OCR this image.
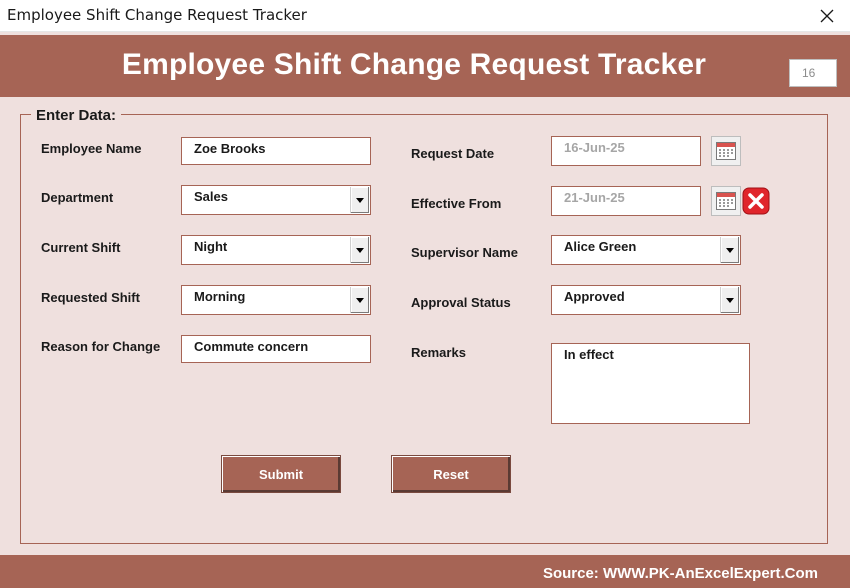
Employee Shift Change Request Tracker
Employee Shift Change Request Tracker	16
Enter Data:
Employee Name	Zoe Brooks
Department	Sales
Current Shift	Night
Requested Shift	Morning
Reason for Change	Commute concern
Request Date	16-Jun-25
Effective From	21-Jun-25
Supervisor Name	Alice Green
Approval Status	Approved
Remarks	In effect
Submit	Reset
Source: WWW.PK-AnExcelExpert.Com
